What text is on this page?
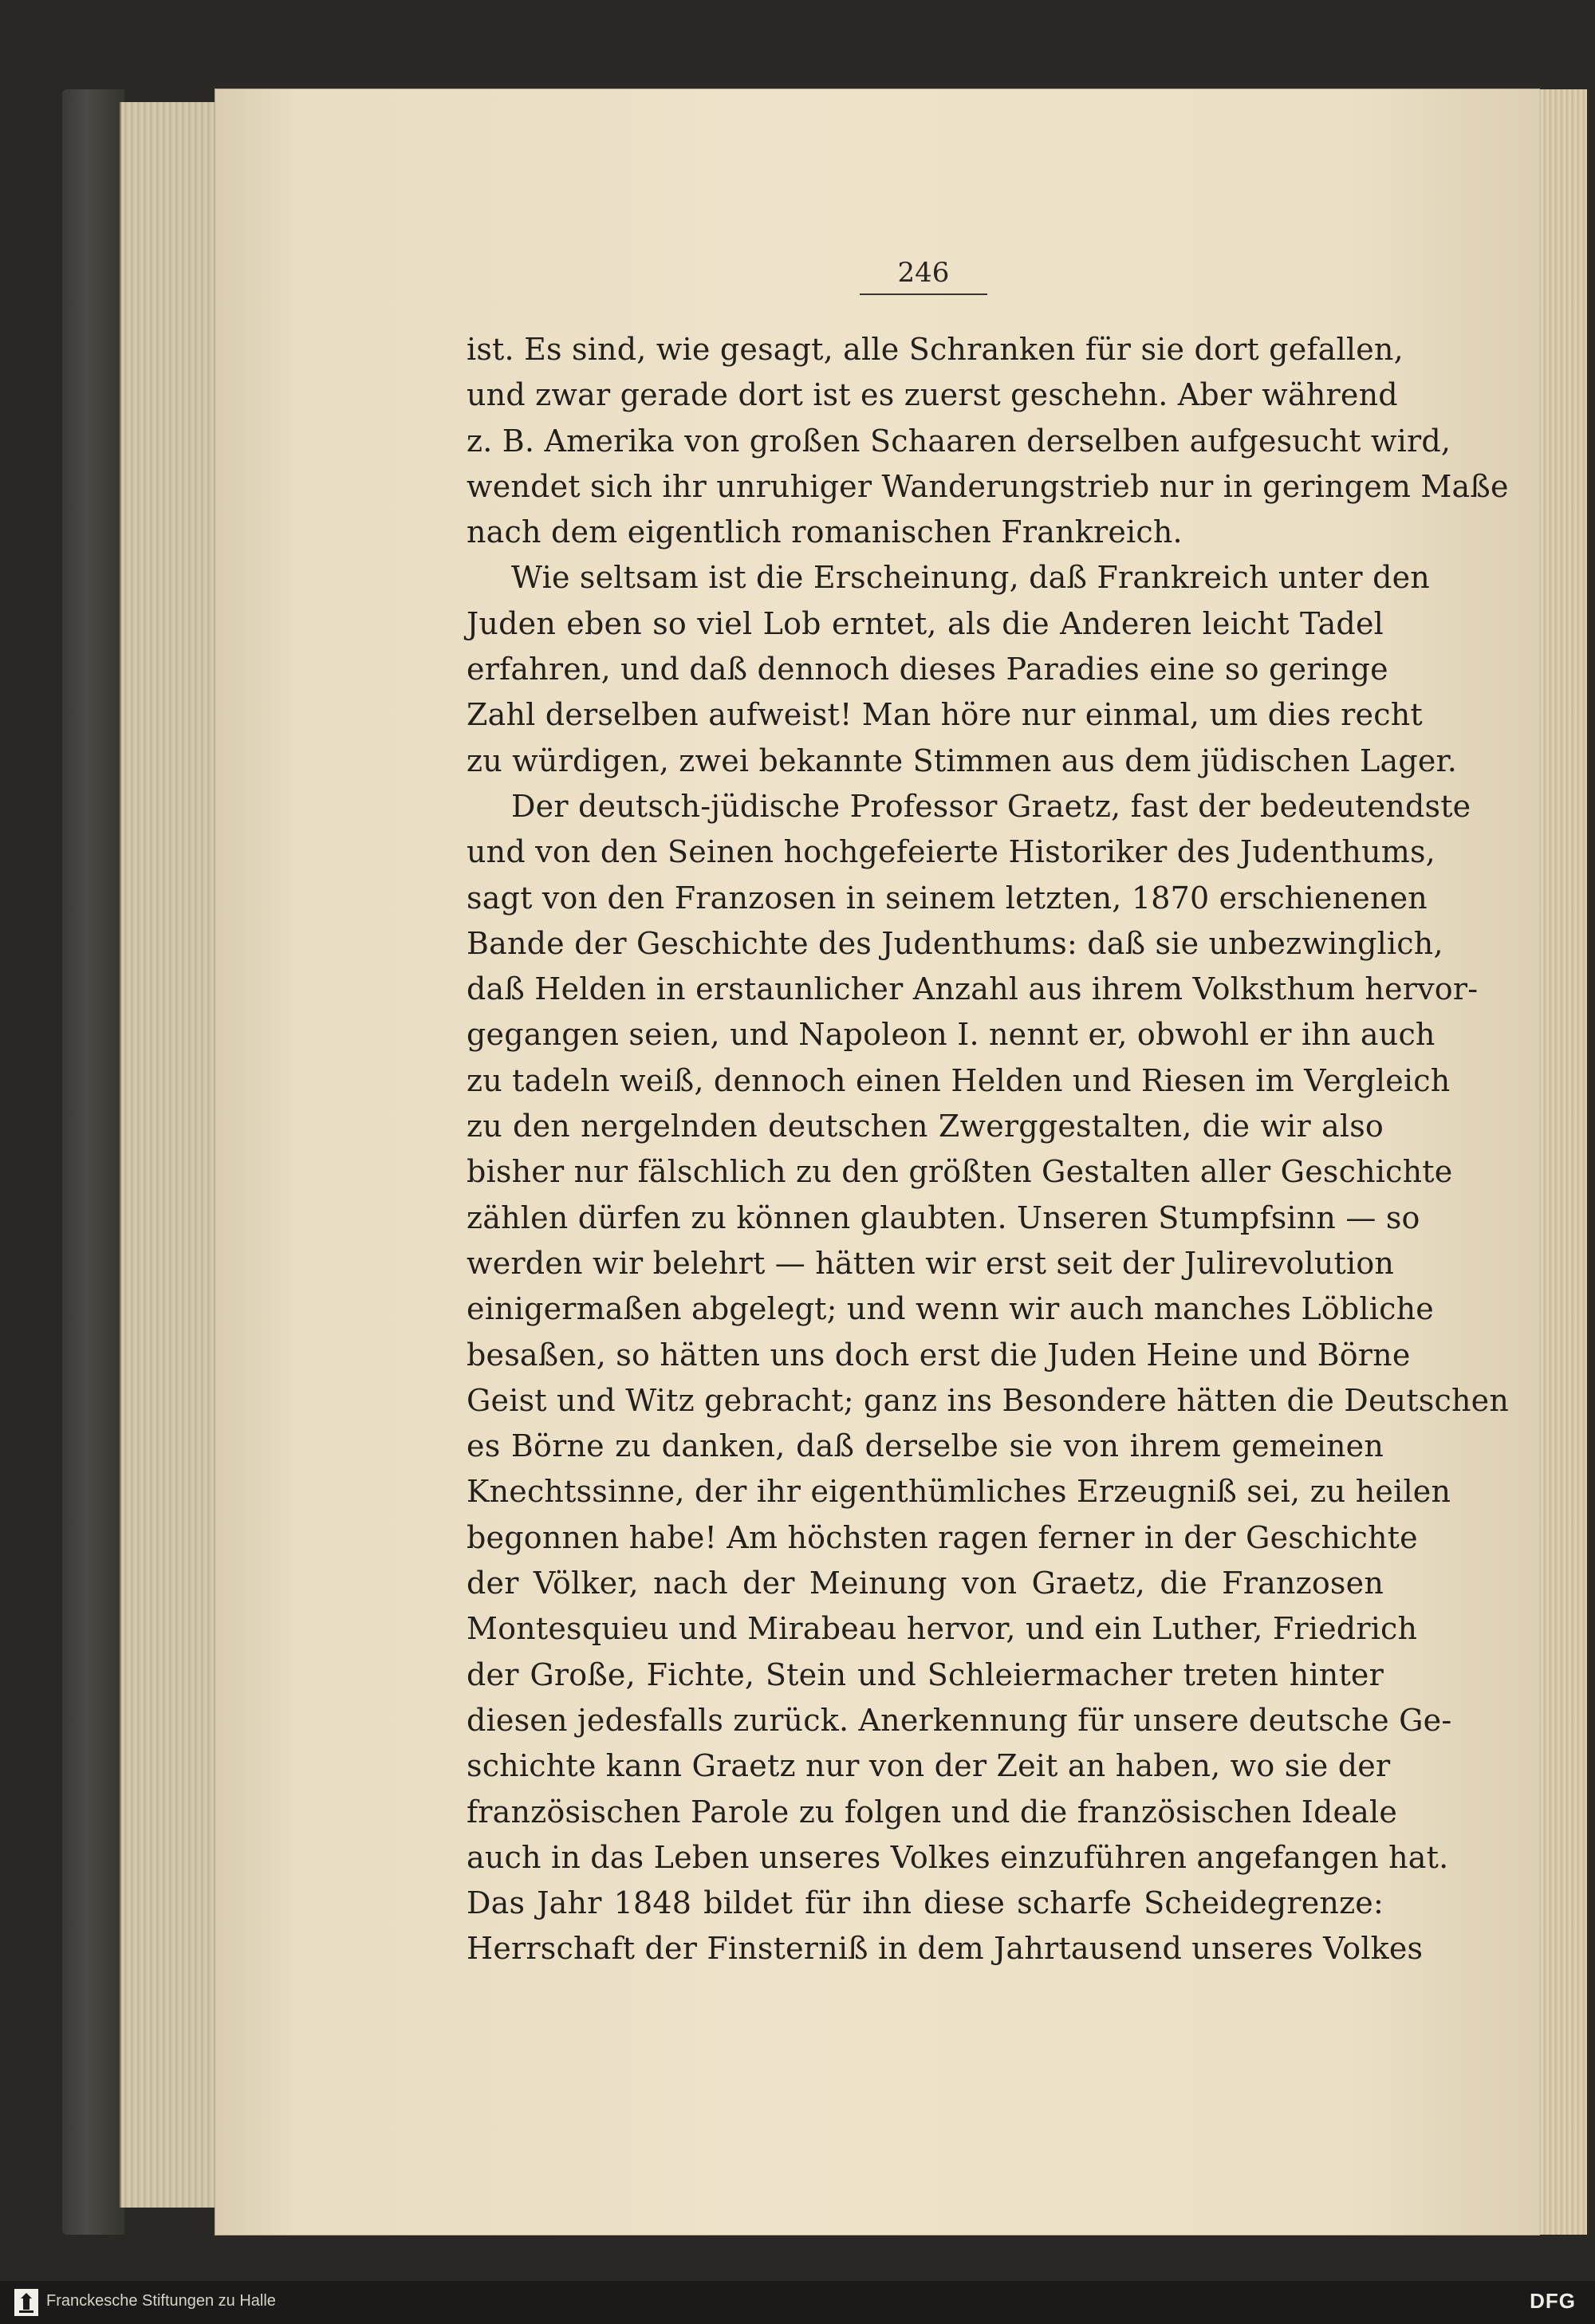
246
ist. Es sind, wie gesagt, alle Schranken für sie dort gefallen,
und zwar gerade dort ist es zuerst geschehn. Aber während
z. B. Amerika von großen Schaaren derselben aufgesucht wird,
wendet sich ihr unruhiger Wanderungstrieb nur in geringem Maße
nach dem eigentlich romanischen Frankreich.
Wie seltsam ist die Erscheinung, daß Frankreich unter den
Juden eben so viel Lob erntet, als die Anderen leicht Tadel
erfahren, und daß dennoch dieses Paradies eine so geringe
Zahl derselben aufweist! Man höre nur einmal, um dies recht
zu würdigen, zwei bekannte Stimmen aus dem jüdischen Lager.
Der deutsch-jüdische Professor Graetz, fast der bedeutendste
und von den Seinen hochgefeierte Historiker des Judenthums,
sagt von den Franzosen in seinem letzten, 1870 erschienenen
Bande der Geschichte des Judenthums: daß sie unbezwinglich,
daß Helden in erstaunlicher Anzahl aus ihrem Volksthum hervor-
gegangen seien, und Napoleon I. nennt er, obwohl er ihn auch
zu tadeln weiß, dennoch einen Helden und Riesen im Vergleich
zu den nergelnden deutschen Zwerggestalten, die wir also
bisher nur fälschlich zu den größten Gestalten aller Geschichte
zählen dürfen zu können glaubten. Unseren Stumpfsinn — so
werden wir belehrt — hätten wir erst seit der Julirevolution
einigermaßen abgelegt; und wenn wir auch manches Löbliche
besaßen, so hätten uns doch erst die Juden Heine und Börne
Geist und Witz gebracht; ganz ins Besondere hätten die Deutschen
es Börne zu danken, daß derselbe sie von ihrem gemeinen
Knechtssinne, der ihr eigenthümliches Erzeugniß sei, zu heilen
begonnen habe! Am höchsten ragen ferner in der Geschichte
der Völker, nach der Meinung von Graetz, die Franzosen
Montesquieu und Mirabeau hervor, und ein Luther, Friedrich
der Große, Fichte, Stein und Schleiermacher treten hinter
diesen jedesfalls zurück. Anerkennung für unsere deutsche Ge-
schichte kann Graetz nur von der Zeit an haben, wo sie der
französischen Parole zu folgen und die französischen Ideale
auch in das Leben unseres Volkes einzuführen angefangen hat.
Das Jahr 1848 bildet für ihn diese scharfe Scheidegrenze:
Herrschaft der Finsterniß in dem Jahrtausend unseres Volkes
Franckesche Stiftungen zu Halle	DFG
